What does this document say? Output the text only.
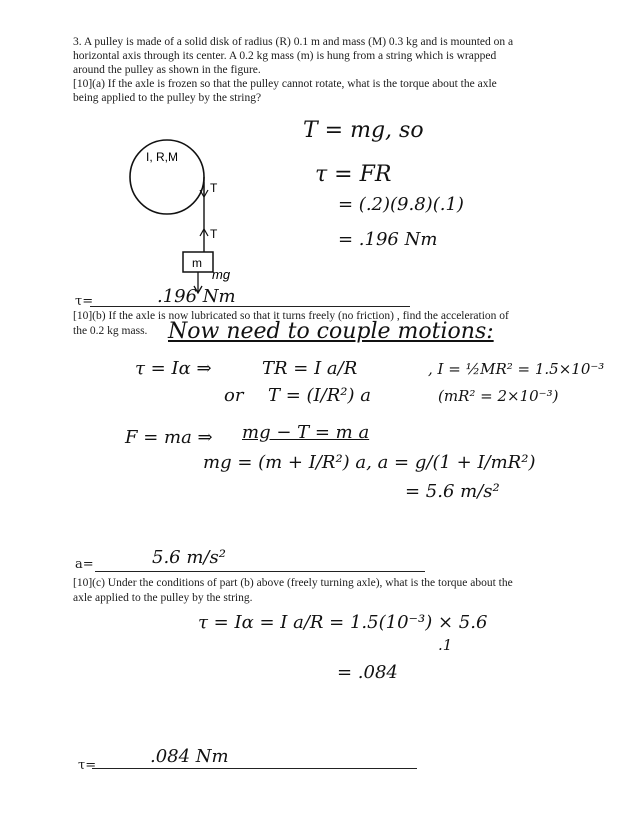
3. A pulley is made of a solid disk of radius (R) 0.1 m and mass (M) 0.3 kg and is mounted on a
horizontal axis through its center. A 0.2 kg mass (m) is hung from a string which is wrapped
around the pulley as shown in the figure.
[10](a) If the axle is frozen so that the pulley cannot rotate, what is the torque about the axle
being applied to the pulley by the string?
I, R,M
T
T
m
mg
T = mg, so
τ = FR
= (.2)(9.8)(.1)
= .196 Nm
τ=	.196 Nm
[10](b) If the axle is now lubricated so that it turns freely (no friction) , find the acceleration of
the 0.2 kg mass. Now need to couple motions:
τ = Iα ⇒	TR = I a/R	, I = ½MR² = 1.5×10⁻³
or T = (I/R²) a	(mR² = 2×10⁻³)
F = ma ⇒ mg − T = m a
mg = (m + I/R²) a, a = g/(1 + I/mR²)
= 5.6 m/s²
a=	5.6 m/s²
[10](c) Under the conditions of part (b) above (freely turning axle), what is the torque about the
axle applied to the pulley by the string.
τ = Iα = I a/R = 1.5(10⁻³) × 5.6
.1
= .084
τ=	.084 Nm
